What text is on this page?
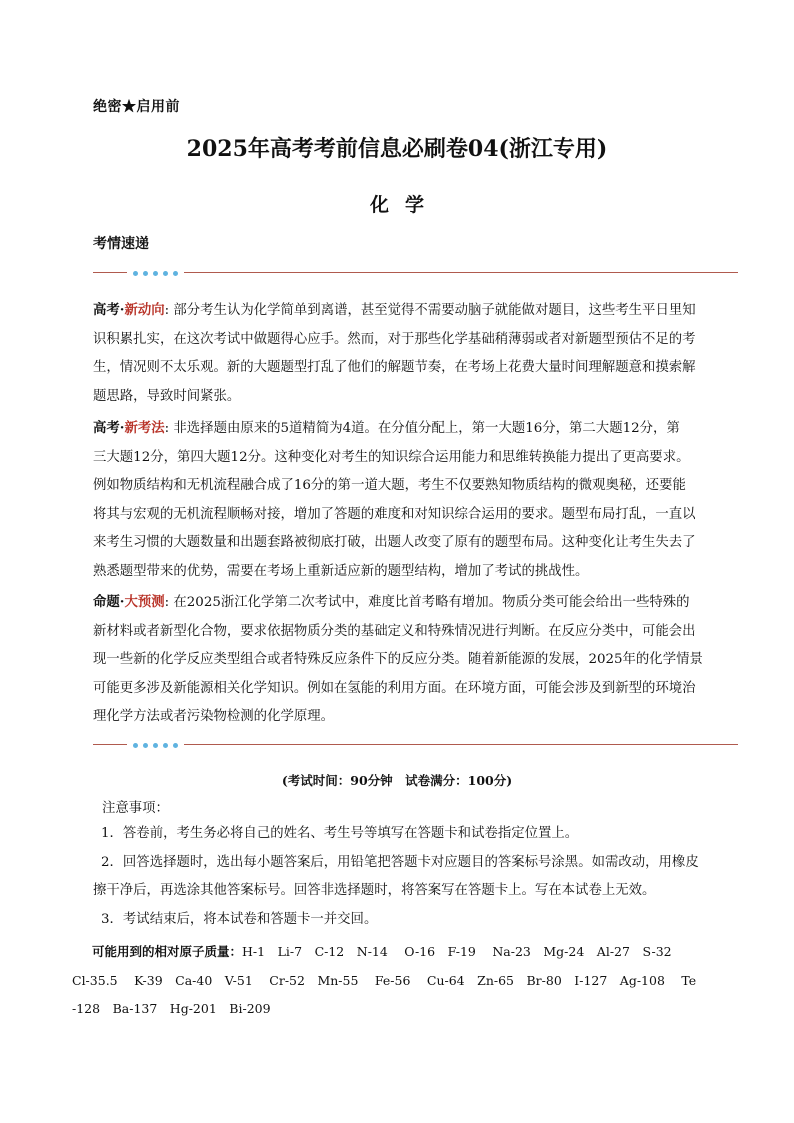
绝密★启用前
2025年高考考前信息必刷卷04(浙江专用)
化学
考情速递
高考·新动向: 部分考生认为化学简单到离谱，甚至觉得不需要动脑子就能做对题目，这些考生平日里知
识积累扎实，在这次考试中做题得心应手。然而，对于那些化学基础稍薄弱或者对新题型预估不足的考
生，情况则不太乐观。新的大题题型打乱了他们的解题节奏，在考场上花费大量时间理解题意和摸索解
题思路，导致时间紧张。
高考·新考法: 非选择题由原来的5道精简为4道。在分值分配上，第一大题16分，第二大题12分，第
三大题12分，第四大题12分。这种变化对考生的知识综合运用能力和思维转换能力提出了更高要求。
例如物质结构和无机流程融合成了16分的第一道大题，考生不仅要熟知物质结构的微观奥秘，还要能
将其与宏观的无机流程顺畅对接，增加了答题的难度和对知识综合运用的要求。题型布局打乱，一直以
来考生习惯的大题数量和出题套路被彻底打破，出题人改变了原有的题型布局。这种变化让考生失去了
熟悉题型带来的优势，需要在考场上重新适应新的题型结构，增加了考试的挑战性。
命题·大预测: 在2025浙江化学第二次考试中，难度比首考略有增加。物质分类可能会给出一些特殊的
新材料或者新型化合物，要求依据物质分类的基础定义和特殊情况进行判断。在反应分类中，可能会出
现一些新的化学反应类型组合或者特殊反应条件下的反应分类。随着新能源的发展，2025年的化学情景
可能更多涉及新能源相关化学知识。例如在氢能的利用方面。在环境方面，可能会涉及到新型的环境治
理化学方法或者污染物检测的化学原理。
(考试时间：90分钟　试卷满分：100分)
注意事项：
1．答卷前，考生务必将自己的姓名、考生号等填写在答题卡和试卷指定位置上。
2．回答选择题时，选出每小题答案后，用铅笔把答题卡对应题目的答案标号涂黑。如需改动，用橡皮
擦干净后，再选涂其他答案标号。回答非选择题时，将答案写在答题卡上。写在本试卷上无效。
3．考试结束后，将本试卷和答题卡一并交回。
可能用到的相对原子质量：H-1　Li-7　C-12　N-14　 O-16　F-19　 Na-23　Mg-24　Al-27　S-32
Cl-35.5　 K-39　Ca-40　V-51　 Cr-52　Mn-55　 Fe-56　 Cu-64　Zn-65　Br-80　I-127　Ag-108　 Te
-128　Ba-137　Hg-201　Bi-209
